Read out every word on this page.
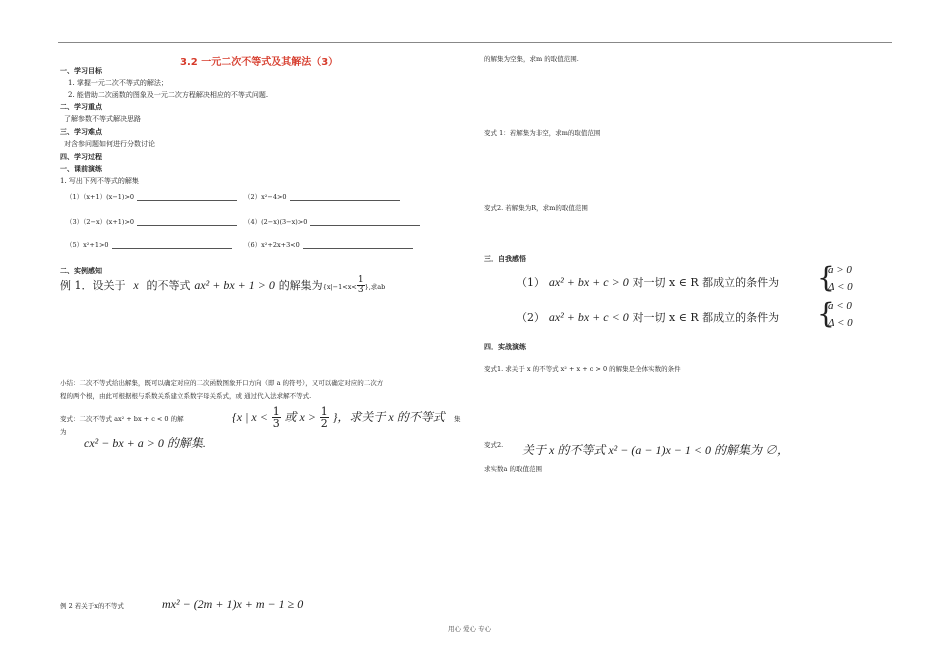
3.2 一元二次不等式及其解法（3）
一、学习目标
1. 掌握一元二次不等式的解法；
2. 能借助二次函数的图象及一元二次方程解决相应的不等式问题.
二、学习重点
了解参数不等式解决思路
三、学习难点
对含参问题如何进行分数讨论
四、学习过程
一、课前演练
1. 写出下列不等式的解集
（1）（x+1）(x−1)>0	（2）x²−4>0
（3）（2−x）(x+1)>0	（4）(2−x)(3−x)>0
（5）x²+1>0	（6）x²+2x+3<0
二、实例感知
例 1．设关于 x 的不等式 ax² + bx + 1 > 0 的解集为{$x|-1<x< \frac{1}{3}$ },求ab
小结：二次不等式给出解集，既可以确定对应的二次函数图象开口方向（即 a 的符号），又可以确定对应的二次方
程的两个根，由此可根据根与系数关系建立系数字母关系式，或 通过代入法求解不等式.
变式：二次不等式 ax² + bx + c < 0 的解	集
为
{x | $x < \frac{1}{3}$ 或 $x > \frac{1}{2}$ }，求关于 x 的不等式
cx² − bx + a > 0 的解集.
例 2 若关于x的不等式	mx² − (2m + 1)x + m − 1 ≥ 0
的解集为空集，求m 的取值范围.
变式 1：若解集为非空，求m的取值范围
变式2. 若解集为R，求m的取值范围
三．自我感悟
（1） ax² + bx + c > 0 对一切 x ∈ R 都成立的条件为 {
a > 0
Δ < 0
（2） ax² + bx + c < 0 对一切 x ∈ R 都成立的条件为 {
a < 0
Δ < 0
四．实战演练
变式1. 求关于 x 的不等式 x² + x + c > 0 的解集是全体实数的条件
变式2. 关于 x 的不等式 x² − (a − 1)x − 1 < 0 的解集为 ∅，
求实数a 的取值范围
用心 爱心 专心
